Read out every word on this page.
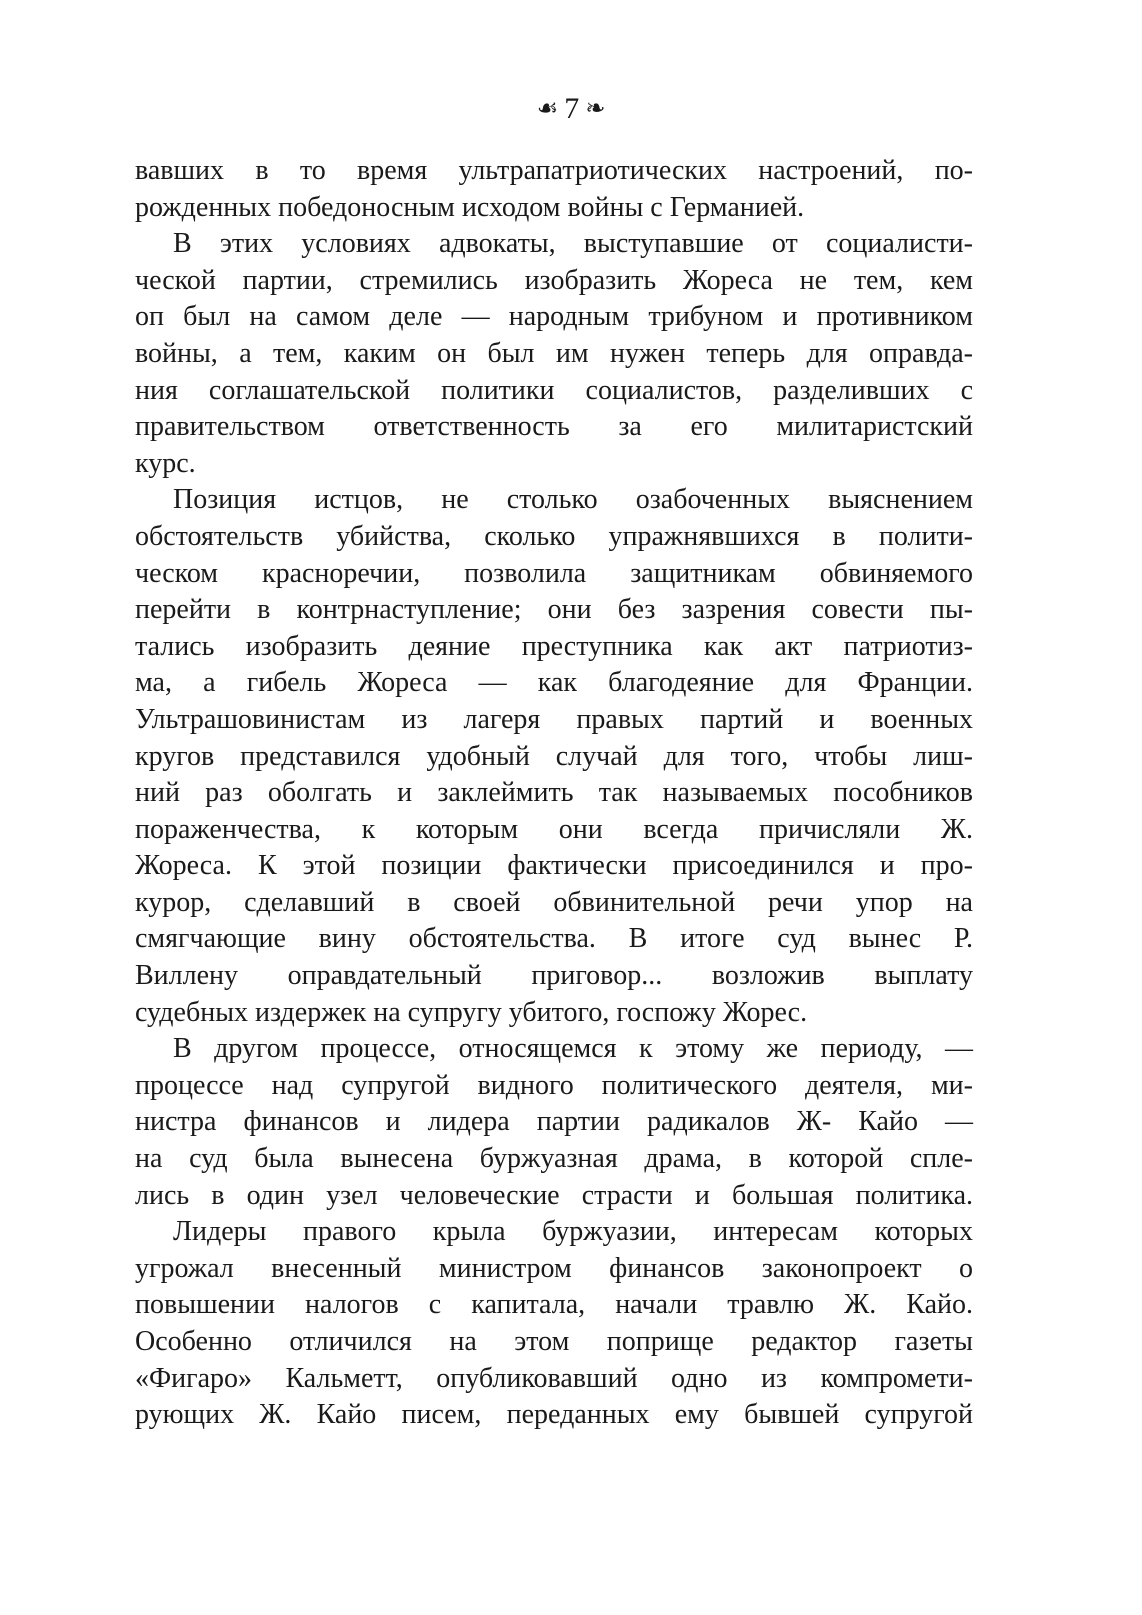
☙ 7 ❧
вавших в то время ультрапатриотических настроений, по-
рожденных победоносным исходом войны с Германией.
В этих условиях адвокаты, выступавшие от социалисти-
ческой партии, стремились изобразить Жореса не тем, кем
оп был на самом деле — народным трибуном и противником
войны, а тем, каким он был им нужен теперь для оправда-
ния соглашательской политики социалистов, разделивших с
правительством ответственность за его милитаристский
курс.
Позиция истцов, не столько озабоченных выяснением
обстоятельств убийства, сколько упражнявшихся в полити-
ческом красноречии, позволила защитникам обвиняемого
перейти в контрнаступление; они без зазрения совести пы-
тались изобразить деяние преступника как акт патриотиз-
ма, а гибель Жореса — как благодеяние для Франции.
Ультрашовинистам из лагеря правых партий и военных
кругов представился удобный случай для того, чтобы лиш-
ний раз оболгать и заклеймить так называемых пособников
пораженчества, к которым они всегда причисляли Ж.
Жореса. К этой позиции фактически присоединился и про-
курор, сделавший в своей обвинительной речи упор на
смягчающие вину обстоятельства. В итоге суд вынес Р.
Виллену оправдательный приговор... возложив выплату
судебных издержек на супругу убитого, госпожу Жорес.
В другом процессе, относящемся к этому же периоду, —
процессе над супругой видного политического деятеля, ми-
нистра финансов и лидера партии радикалов Ж- Кайо —
на суд была вынесена буржуазная драма, в которой спле-
лись в один узел человеческие страсти и большая политика.
Лидеры правого крыла буржуазии, интересам которых
угрожал внесенный министром финансов законопроект о
повышении налогов с капитала, начали травлю Ж. Кайо.
Особенно отличился на этом поприще редактор газеты
«Фигаро» Кальметт, опубликовавший одно из компромети-
рующих Ж. Кайо писем, переданных ему бывшей супругой
